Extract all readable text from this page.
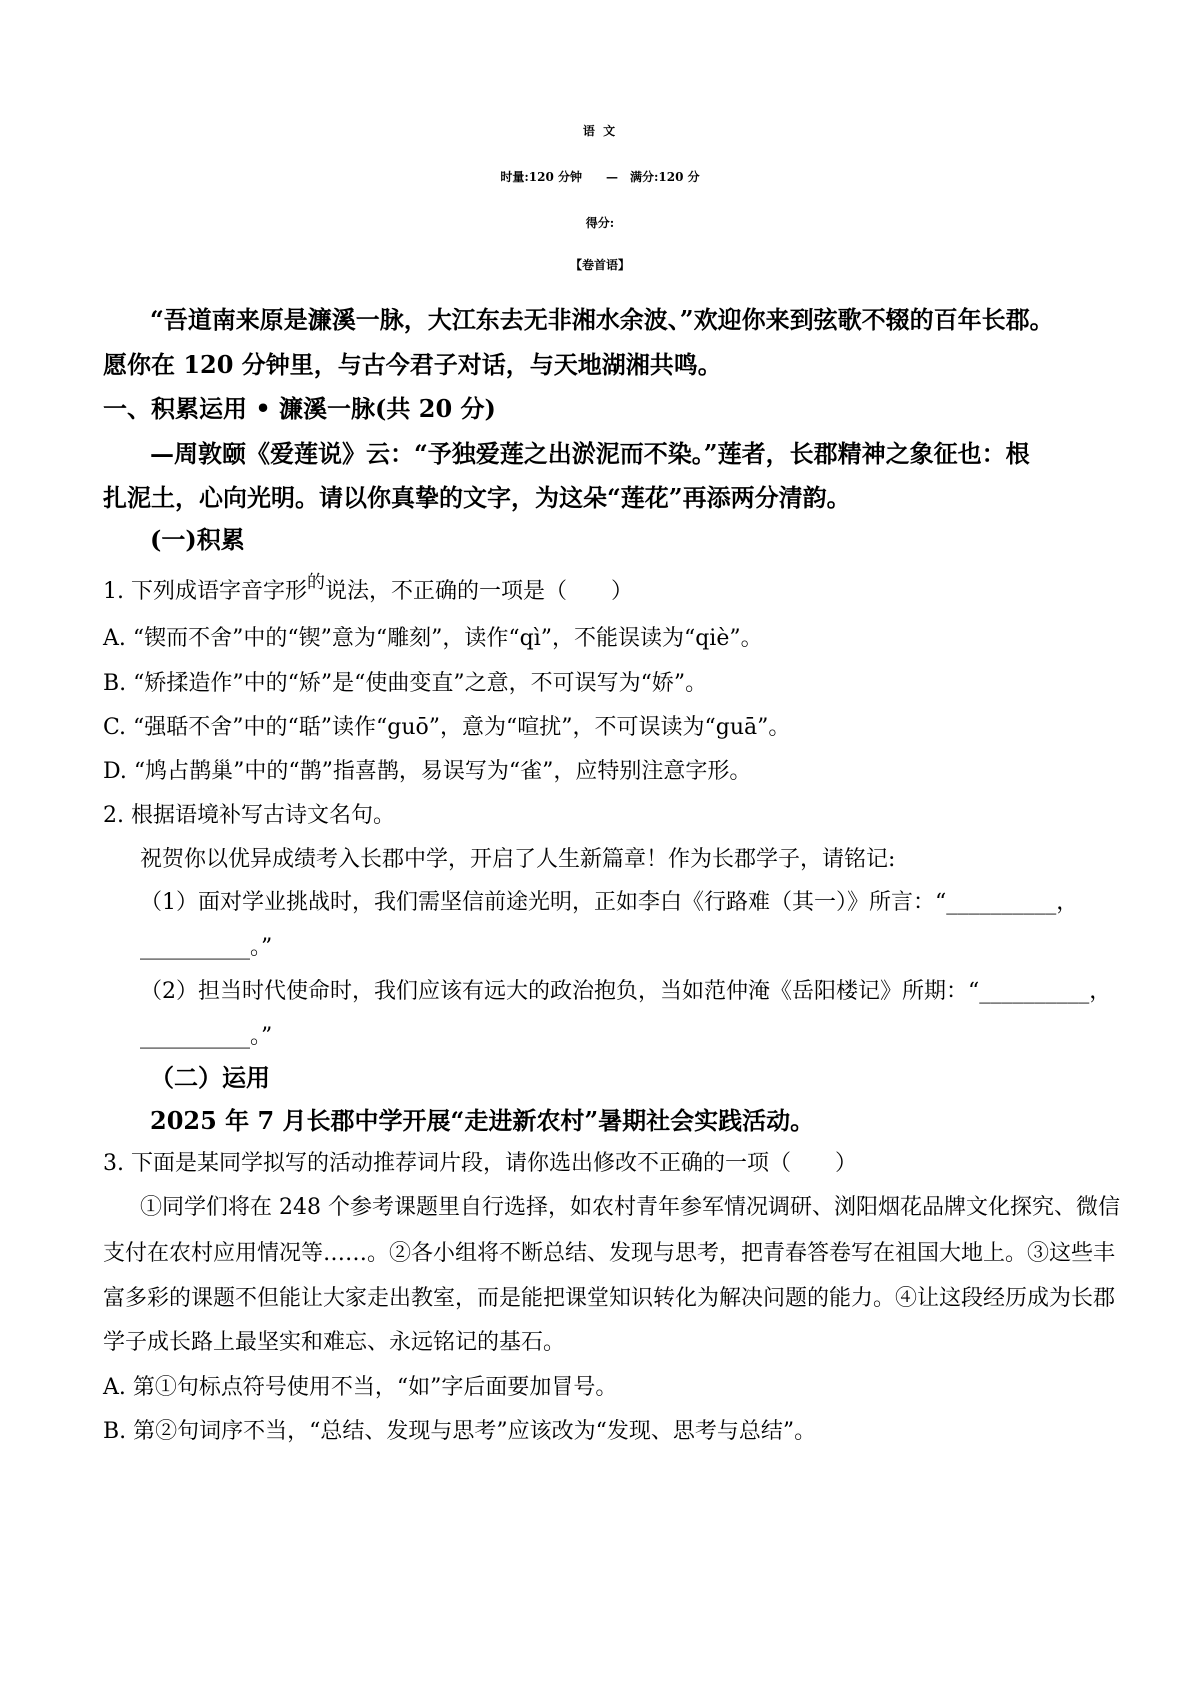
语 文
时量:120 分钟　　—　满分:120 分
得分:
【卷首语】
“吾道南来原是濂溪一脉，大江东去无非湘水余波、”欢迎你来到弦歌不辍的百年长郡。
愿你在 120 分钟里，与古今君子对话，与天地湖湘共鸣。
一、积累运用 • 濂溪一脉(共 20 分)
—周敦颐《爱莲说》云：“予独爱莲之出淤泥而不染。”莲者，长郡精神之象征也：根
扎泥土，心向光明。请以你真挚的文字，为这朵“莲花”再添两分清韵。
(一)积累
1. 下列成语字音字形$^的$说法，不正确的一项是（　　）
A. “锲而不舍”中的“锲”意为“雕刻”，读作“qì”，不能误读为“qiè”。
B. “矫揉造作”中的“矫”是“使曲变直”之意，不可误写为“娇”。
C. “强聒不舍”中的“聒”读作“guō”，意为“喧扰”，不可误读为“guā”。
D. “鸠占鹊巢”中的“鹊”指喜鹊，易误写为“雀”，应特别注意字形。
2. 根据语境补写古诗文名句。
祝贺你以优异成绩考入长郡中学，开启了人生新篇章！作为长郡学子，请铭记:
（1）面对学业挑战时，我们需坚信前途光明，正如李白《行路难（其一）》所言：“__________，
__________。”
（2）担当时代使命时，我们应该有远大的政治抱负，当如范仲淹《岳阳楼记》所期：“__________，
__________。”
（二）运用
2025 年 7 月长郡中学开展“走进新农村”暑期社会实践活动。
3. 下面是某同学拟写的活动推荐词片段，请你选出修改不正确的一项（　　）
①同学们将在 248 个参考课题里自行选择，如农村青年参军情况调研、浏阳烟花品牌文化探究、微信
支付在农村应用情况等……。②各小组将不断总结、发现与思考，把青春答卷写在祖国大地上。③这些丰
富多彩的课题不但能让大家走出教室，而是能把课堂知识转化为解决问题的能力。④让这段经历成为长郡
学子成长路上最坚实和难忘、永远铭记的基石。
A. 第①句标点符号使用不当，“如”字后面要加冒号。
B. 第②句词序不当，“总结、发现与思考”应该改为“发现、思考与总结”。
